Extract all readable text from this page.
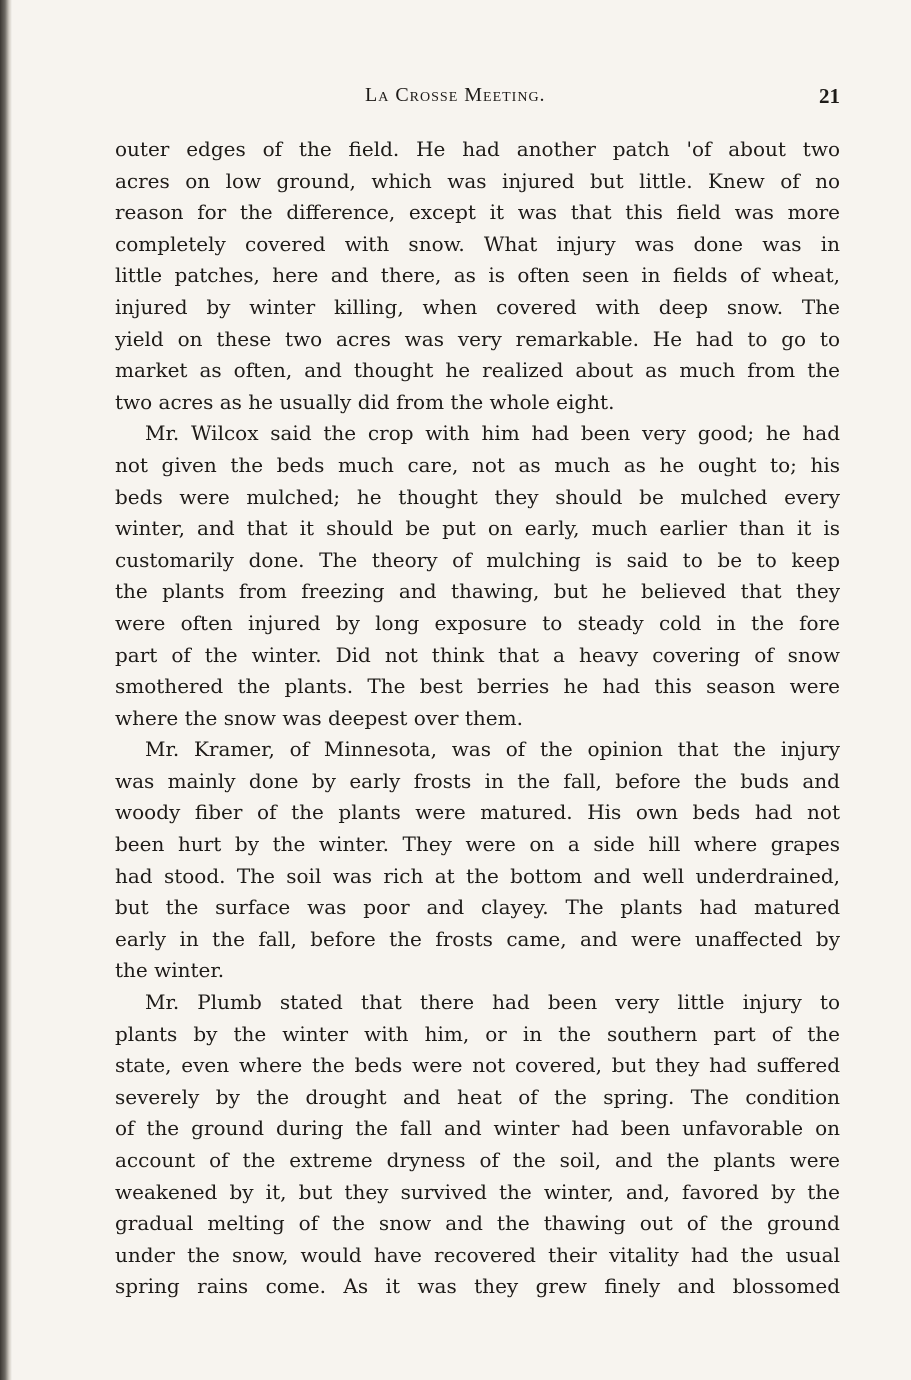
La Crosse Meeting.	21

outer edges of the field. He had another patch 'of about two

acres on low ground, which was injured but little. Knew of no

reason for the difference, except it was that this field was more

completely covered with snow. What injury was done was in

little patches, here and there, as is often seen in fields of wheat,

injured by winter killing, when covered with deep snow. The

yield on these two acres was very remarkable. He had to go to

market as often, and thought he realized about as much from the

two acres as he usually did from the whole eight.

Mr. Wilcox said the crop with him had been very good; he had

not given the beds much care, not as much as he ought to; his

beds were mulched; he thought they should be mulched every

winter, and that it should be put on early, much earlier than it is

customarily done. The theory of mulching is said to be to keep

the plants from freezing and thawing, but he believed that they

were often injured by long exposure to steady cold in the fore

part of the winter. Did not think that a heavy covering of snow

smothered the plants. The best berries he had this season were

where the snow was deepest over them.

Mr. Kramer, of Minnesota, was of the opinion that the injury

was mainly done by early frosts in the fall, before the buds and

woody fiber of the plants were matured. His own beds had not

been hurt by the winter. They were on a side hill where grapes

had stood. The soil was rich at the bottom and well underdrained,

but the surface was poor and clayey. The plants had matured

early in the fall, before the frosts came, and were unaffected by

the winter.

Mr. Plumb stated that there had been very little injury to

plants by the winter with him, or in the southern part of the

state, even where the beds were not covered, but they had suffered

severely by the drought and heat of the spring. The condition

of the ground during the fall and winter had been unfavorable on

account of the extreme dryness of the soil, and the plants were

weakened by it, but they survived the winter, and, favored by the

gradual melting of the snow and the thawing out of the ground

under the snow, would have recovered their vitality had the usual

spring rains come. As it was they grew finely and blossomed
